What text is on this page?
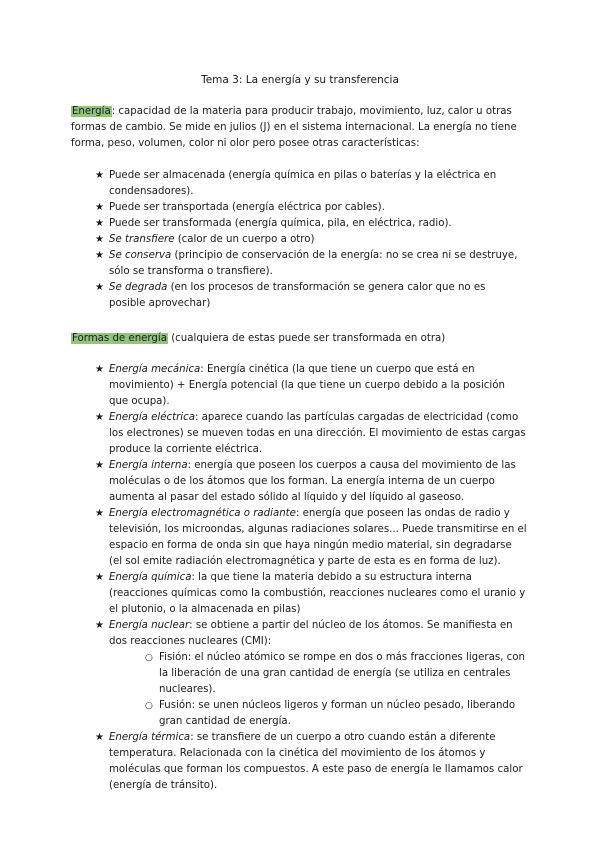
Tema 3: La energía y su transferencia

Energía: capacidad de la materia para producir trabajo, movimiento, luz, calor u otras formas de cambio. Se mide en julios (J) en el sistema internacional. La energía no tiene forma, peso, volumen, color ni olor pero posee otras características:

★ Puede ser almacenada (energía química en pilas o baterías y la eléctrica en condensadores).
★ Puede ser transportada (energía eléctrica por cables).
★ Puede ser transformada (energía química, pila, en eléctrica, radio).
★ Se transfiere (calor de un cuerpo a otro)
★ Se conserva (principio de conservación de la energía: no se crea ni se destruye, sólo se transforma o transfiere).
★ Se degrada (en los procesos de transformación se genera calor que no es posible aprovechar)

Formas de energía (cualquiera de estas puede ser transformada en otra)

★ Energía mecánica: Energía cinética (la que tiene un cuerpo que está en movimiento) + Energía potencial (la que tiene un cuerpo debido a la posición que ocupa).
★ Energía eléctrica: aparece cuando las partículas cargadas de electricidad (como los electrones) se mueven todas en una dirección. El movimiento de estas cargas produce la corriente eléctrica.
★ Energía interna: energía que poseen los cuerpos a causa del movimiento de las moléculas o de los átomos que los forman. La energía interna de un cuerpo aumenta al pasar del estado sólido al líquido y del líquido al gaseoso.
★ Energía electromagnética o radiante: energía que poseen las ondas de radio y televisión, los microondas, algunas radiaciones solares... Puede transmitirse en el espacio en forma de onda sin que haya ningún medio material, sin degradarse (el sol emite radiación electromagnética y parte de esta es en forma de luz).
★ Energía química: la que tiene la materia debido a su estructura interna (reacciones químicas como la combustión, reacciones nucleares como el uranio y el plutonio, o la almacenada en pilas)
★ Energía nuclear: se obtiene a partir del núcleo de los átomos. Se manifiesta en dos reacciones nucleares (CMI):
○ Fisión: el núcleo atómico se rompe en dos o más fracciones ligeras, con la liberación de una gran cantidad de energía (se utiliza en centrales nucleares).
○ Fusión: se unen núcleos ligeros y forman un núcleo pesado, liberando gran cantidad de energía.
★ Energía térmica: se transfiere de un cuerpo a otro cuando están a diferente temperatura. Relacionada con la cinética del movimiento de los átomos y moléculas que forman los compuestos. A este paso de energía le llamamos calor (energía de tránsito).
